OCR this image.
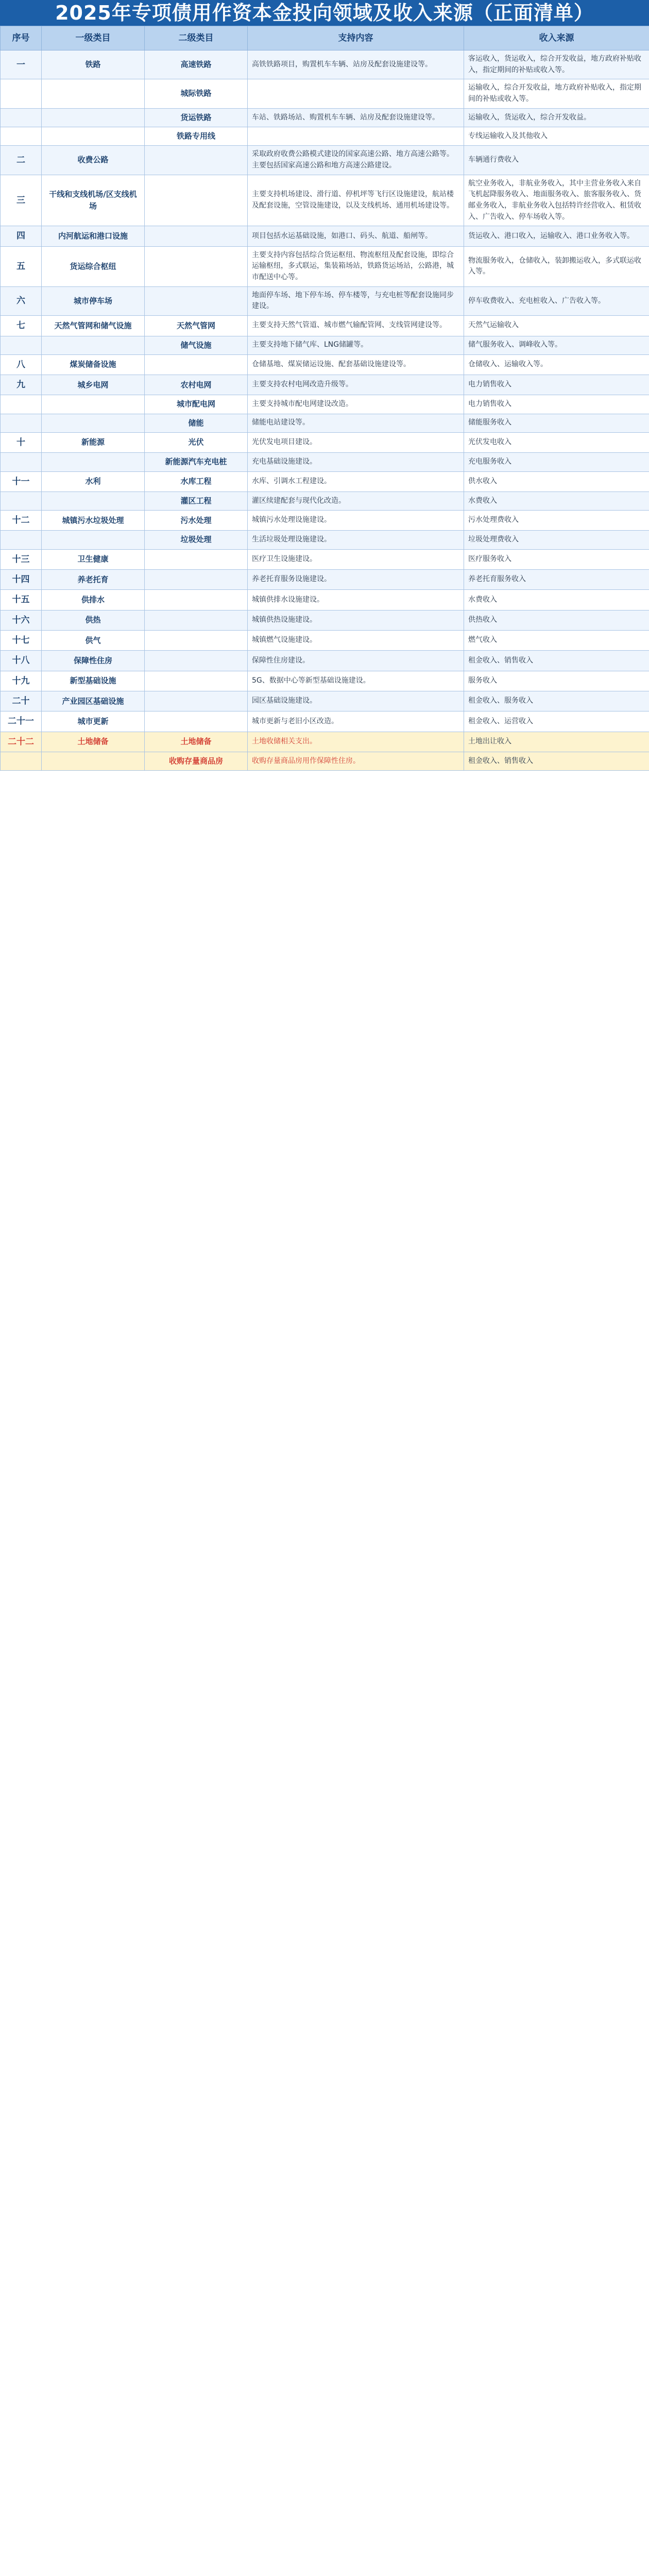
2025年专项债用作资本金投向领域及收入来源（正面清单）
序号	一级类目	二级类目	支持内容	收入来源
一	铁路	高速铁路	高铁铁路项目，购置机车车辆、站房及配套设施建设等。	客运收入，货运收入，综合开发收益，地方政府补贴收入，指定期间的补贴或收入等。
		城际铁路		运输收入，综合开发收益，地方政府补贴收入，指定期间的补贴或收入等。
		货运铁路	车站、铁路场站、购置机车车辆、站房及配套设施建设等。	运输收入，货运收入，综合开发收益。
		铁路专用线		专线运输收入及其他收入
二	收费公路		采取政府收费公路模式建设的国家高速公路、地方高速公路等。主要包括国家高速公路和地方高速公路建设。	车辆通行费收入
三	干线和支线机场/区支线机场		主要支持机场建设、滑行道、停机坪等飞行区设施建设，航站楼及配套设施，空管设施建设，以及支线机场、通用机场建设等。	航空业务收入，非航业务收入，其中主营业务收入来自飞机起降服务收入、地面服务收入、旅客服务收入、货邮业务收入，非航业务收入包括特许经营收入、租赁收入、广告收入、停车场收入等。
四	内河航运和港口设施		项目包括水运基础设施，如港口、码头、航道、船闸等。	货运收入、港口收入，运输收入、港口业务收入等。
五	货运综合枢纽		主要支持内容包括综合货运枢纽、物流枢纽及配套设施，即综合运输枢纽，多式联运，集装箱场站，铁路货运场站，公路港，城市配送中心等。	物流服务收入，仓储收入，装卸搬运收入，多式联运收入等。
六	城市停车场		地面停车场、地下停车场、停车楼等，与充电桩等配套设施同步建设。	停车收费收入、充电桩收入、广告收入等。
七	天然气管网和储气设施	天然气管网	主要支持天然气管道、城市燃气输配管网、支线管网建设等。	天然气运输收入
		储气设施	主要支持地下储气库、LNG储罐等。	储气服务收入、调峰收入等。
八	煤炭储备设施		仓储基地、煤炭储运设施、配套基础设施建设等。	仓储收入、运输收入等。
九	城乡电网	农村电网	主要支持农村电网改造升级等。	电力销售收入
		城市配电网	主要支持城市配电网建设改造。	电力销售收入
		储能	储能电站建设等。	储能服务收入
十	新能源	光伏	光伏发电项目建设。	光伏发电收入
		新能源汽车充电桩	充电基础设施建设。	充电服务收入
十一	水利	水库工程	水库、引调水工程建设。	供水收入
		灌区工程	灌区续建配套与现代化改造。	水费收入
十二	城镇污水垃圾处理	污水处理	城镇污水处理设施建设。	污水处理费收入
		垃圾处理	生活垃圾处理设施建设。	垃圾处理费收入
十三	卫生健康		医疗卫生设施建设。	医疗服务收入
十四	养老托育		养老托育服务设施建设。	养老托育服务收入
十五	供排水		城镇供排水设施建设。	水费收入
十六	供热		城镇供热设施建设。	供热收入
十七	供气		城镇燃气设施建设。	燃气收入
十八	保障性住房		保障性住房建设。	租金收入、销售收入
十九	新型基础设施		5G、数据中心等新型基础设施建设。	服务收入
二十	产业园区基础设施		园区基础设施建设。	租金收入、服务收入
二十一	城市更新		城市更新与老旧小区改造。	租金收入、运营收入
二十二	土地储备	土地储备	土地收储相关支出。	土地出让收入
		收购存量商品房	收购存量商品房用作保障性住房。	租金收入、销售收入
